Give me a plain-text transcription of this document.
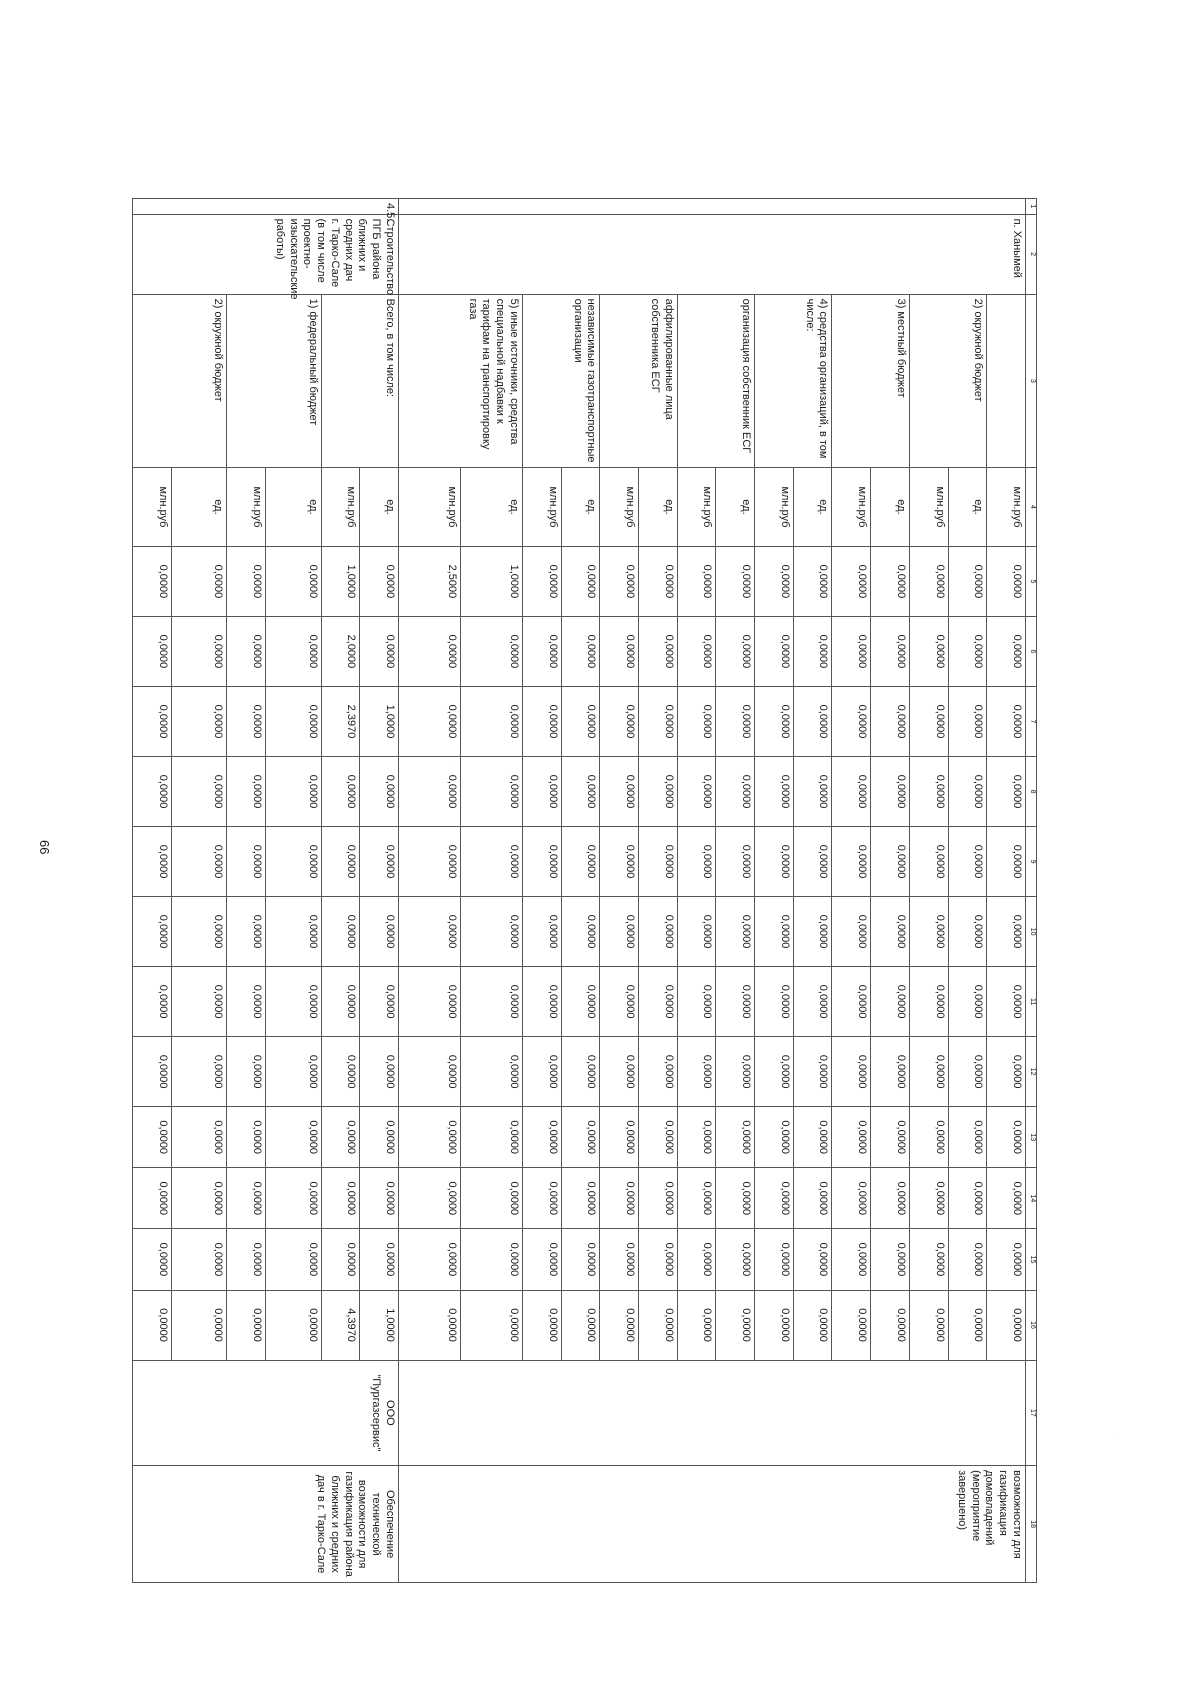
66
·
·
1	2	3	4	5	6	7	8	9	10	11	12	13	14	15	16	17	18
	п. Ханымей		млн.руб	0,0000	0,0000	0,0000	0,0000	0,0000	0,0000	0,0000	0,0000	0,0000	0,0000	0,0000	0,0000		возможности для газификация домовладений (мероприятие завершено)
		2) окружной бюджет	ед.	0,0000	0,0000	0,0000	0,0000	0,0000	0,0000	0,0000	0,0000	0,0000	0,0000	0,0000	0,0000		
			млн.руб	0,0000	0,0000	0,0000	0,0000	0,0000	0,0000	0,0000	0,0000	0,0000	0,0000	0,0000	0,0000		
		3) местный бюджет	ед.	0,0000	0,0000	0,0000	0,0000	0,0000	0,0000	0,0000	0,0000	0,0000	0,0000	0,0000	0,0000		
			млн.руб	0,0000	0,0000	0,0000	0,0000	0,0000	0,0000	0,0000	0,0000	0,0000	0,0000	0,0000	0,0000		
		4) средства организаций, в том числе:	ед.	0,0000	0,0000	0,0000	0,0000	0,0000	0,0000	0,0000	0,0000	0,0000	0,0000	0,0000	0,0000		
			млн.руб	0,0000	0,0000	0,0000	0,0000	0,0000	0,0000	0,0000	0,0000	0,0000	0,0000	0,0000	0,0000		
		организация собственник ЕСГ	ед.	0,0000	0,0000	0,0000	0,0000	0,0000	0,0000	0,0000	0,0000	0,0000	0,0000	0,0000	0,0000		
			млн.руб	0,0000	0,0000	0,0000	0,0000	0,0000	0,0000	0,0000	0,0000	0,0000	0,0000	0,0000	0,0000		
		аффилированные лица собственника ЕСГ	ед.	0,0000	0,0000	0,0000	0,0000	0,0000	0,0000	0,0000	0,0000	0,0000	0,0000	0,0000	0,0000		
			млн.руб	0,0000	0,0000	0,0000	0,0000	0,0000	0,0000	0,0000	0,0000	0,0000	0,0000	0,0000	0,0000		
		независимые газотранспортные организации	ед.	0,0000	0,0000	0,0000	0,0000	0,0000	0,0000	0,0000	0,0000	0,0000	0,0000	0,0000	0,0000		
			млн.руб	0,0000	0,0000	0,0000	0,0000	0,0000	0,0000	0,0000	0,0000	0,0000	0,0000	0,0000	0,0000		
		5) иные источники, средства специальной надбавки к тарифам на транспортировку газа	ед.	1,0000	0,0000	0,0000	0,0000	0,0000	0,0000	0,0000	0,0000	0,0000	0,0000	0,0000	0,0000		
			млн.руб	2,5000	0,0000	0,0000	0,0000	0,0000	0,0000	0,0000	0,0000	0,0000	0,0000	0,0000	0,0000		
4.5.	Строительство ПГБ района ближних и средних дач г. Тарко-Сале (в том числе проектно-изыскательские работы)	Всего, в том числе:	ед.	0,0000	0,0000	1,0000	0,0000	0,0000	0,0000	0,0000	0,0000	0,0000	0,0000	0,0000	1,0000	ООО "Пургазсервис"	Обеспечение технической возможности для газификация района ближних и средних дач в г. Тарко-Сале
			млн.руб	1,0000	2,0000	2,3970	0,0000	0,0000	0,0000	0,0000	0,0000	0,0000	0,0000	0,0000	4,3970		
		1) федеральный бюджет	ед.	0,0000	0,0000	0,0000	0,0000	0,0000	0,0000	0,0000	0,0000	0,0000	0,0000	0,0000	0,0000		
			млн.руб	0,0000	0,0000	0,0000	0,0000	0,0000	0,0000	0,0000	0,0000	0,0000	0,0000	0,0000	0,0000		
		2) окружной бюджет	ед.	0,0000	0,0000	0,0000	0,0000	0,0000	0,0000	0,0000	0,0000	0,0000	0,0000	0,0000	0,0000		
			млн.руб	0,0000	0,0000	0,0000	0,0000	0,0000	0,0000	0,0000	0,0000	0,0000	0,0000	0,0000	0,0000		
